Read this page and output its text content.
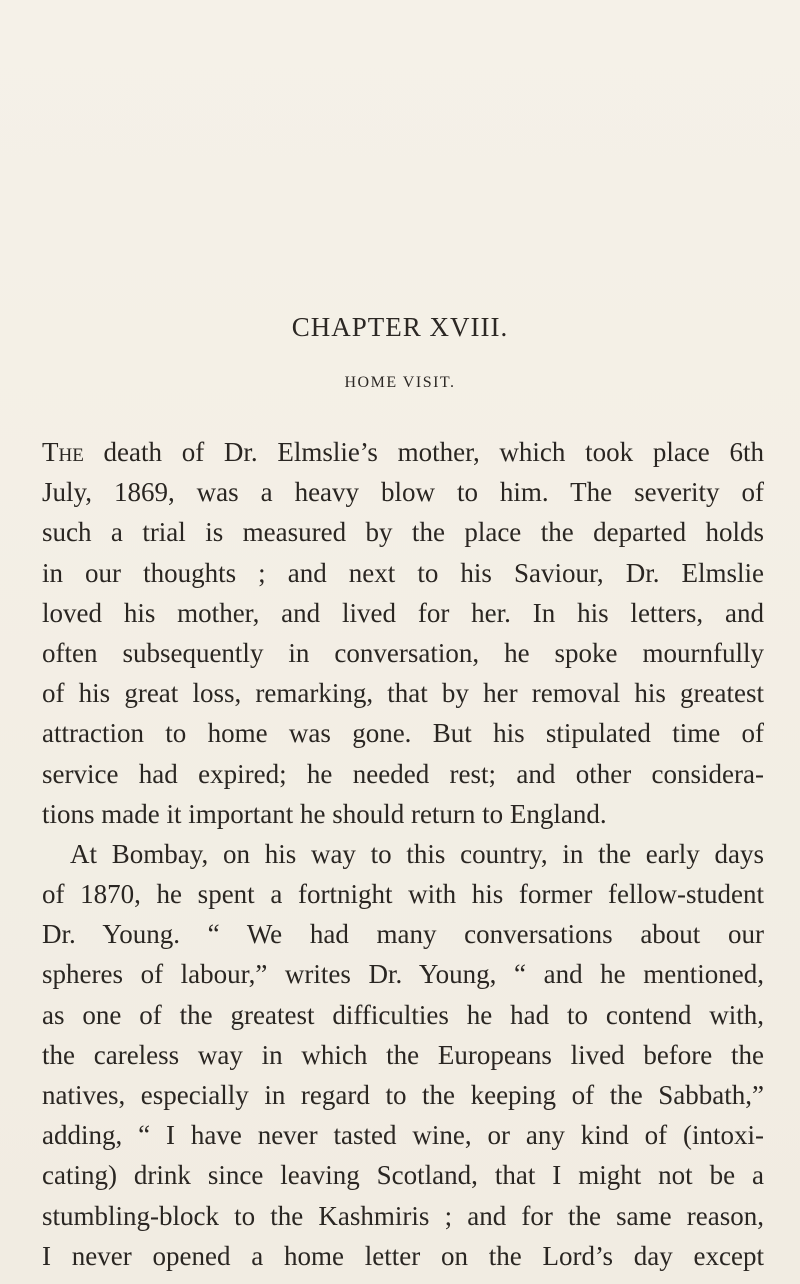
CHAPTER XVIII.
HOME VISIT.
The death of Dr. Elmslie’s mother, which took place 6th
July, 1869, was a heavy blow to him. The severity of
such a trial is measured by the place the departed holds
in our thoughts ; and next to his Saviour, Dr. Elmslie
loved his mother, and lived for her. In his letters, and
often subsequently in conversation, he spoke mournfully
of his great loss, remarking, that by her removal his greatest
attraction to home was gone. But his stipulated time of
service had expired; he needed rest; and other considera-
tions made it important he should return to England.
At Bombay, on his way to this country, in the early days
of 1870, he spent a fortnight with his former fellow-student
Dr. Young. “ We had many conversations about our
spheres of labour,” writes Dr. Young, “ and he mentioned,
as one of the greatest difficulties he had to contend with,
the careless way in which the Europeans lived before the
natives, especially in regard to the keeping of the Sabbath,”
adding, “ I have never tasted wine, or any kind of (intoxi-
cating) drink since leaving Scotland, that I might not be a
stumbling-block to the Kashmiris ; and for the same reason,
I never opened a home letter on the Lord’s day except
